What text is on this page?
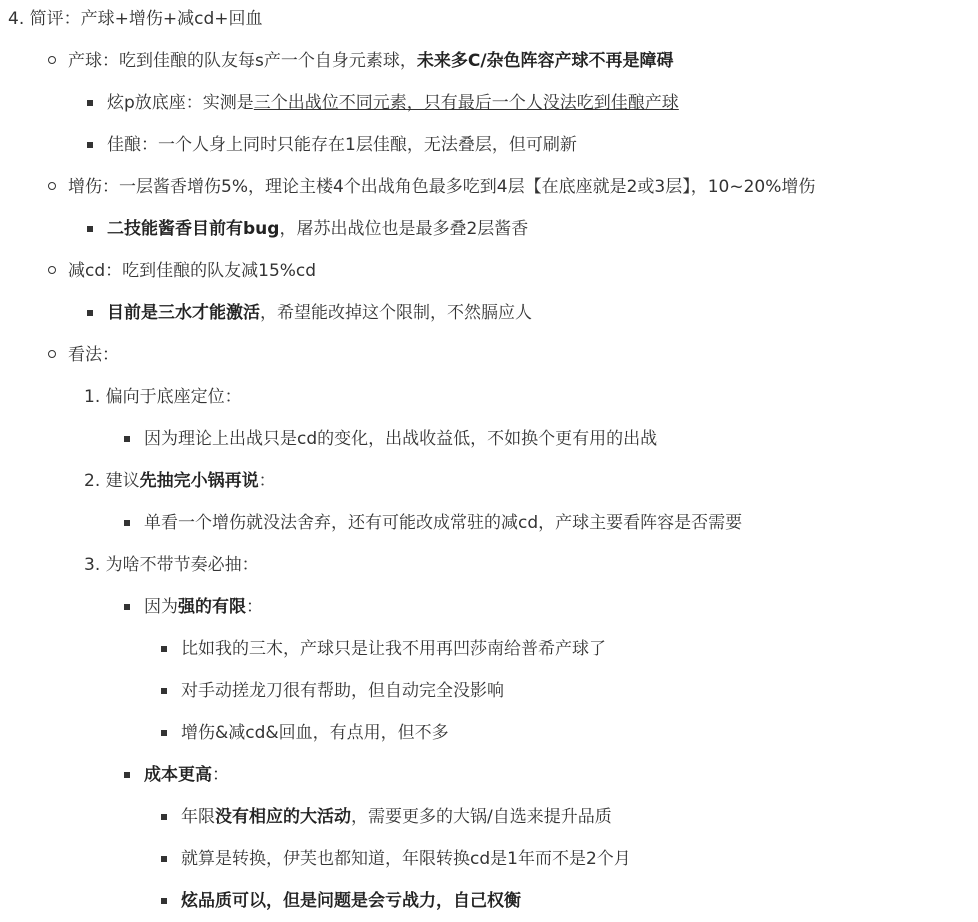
4. 简评：产球+增伤+减cd+回血
产球：吃到佳酿的队友每s产一个自身元素球，未来多C/杂色阵容产球不再是障碍
炫p放底座：实测是三个出战位不同元素，只有最后一个人没法吃到佳酿产球
佳酿：一个人身上同时只能存在1层佳酿，无法叠层，但可刷新
增伤：一层酱香增伤5%，理论主楼4个出战角色最多吃到4层【在底座就是2或3层】，10~20%增伤
二技能酱香目前有bug，屠苏出战位也是最多叠2层酱香
减cd：吃到佳酿的队友减15%cd
目前是三水才能激活，希望能改掉这个限制，不然膈应人
看法：
1. 偏向于底座定位：
因为理论上出战只是cd的变化，出战收益低，不如换个更有用的出战
2. 建议先抽完小锅再说：
单看一个增伤就没法舍弃，还有可能改成常驻的减cd，产球主要看阵容是否需要
3. 为啥不带节奏必抽：
因为强的有限：
比如我的三木，产球只是让我不用再凹莎南给普希产球了
对手动搓龙刀很有帮助，但自动完全没影响
增伤&减cd&回血，有点用，但不多
成本更高：
年限没有相应的大活动，需要更多的大锅/自选来提升品质
就算是转换，伊芙也都知道，年限转换cd是1年而不是2个月
炫品质可以，但是问题是会亏战力，自己权衡
